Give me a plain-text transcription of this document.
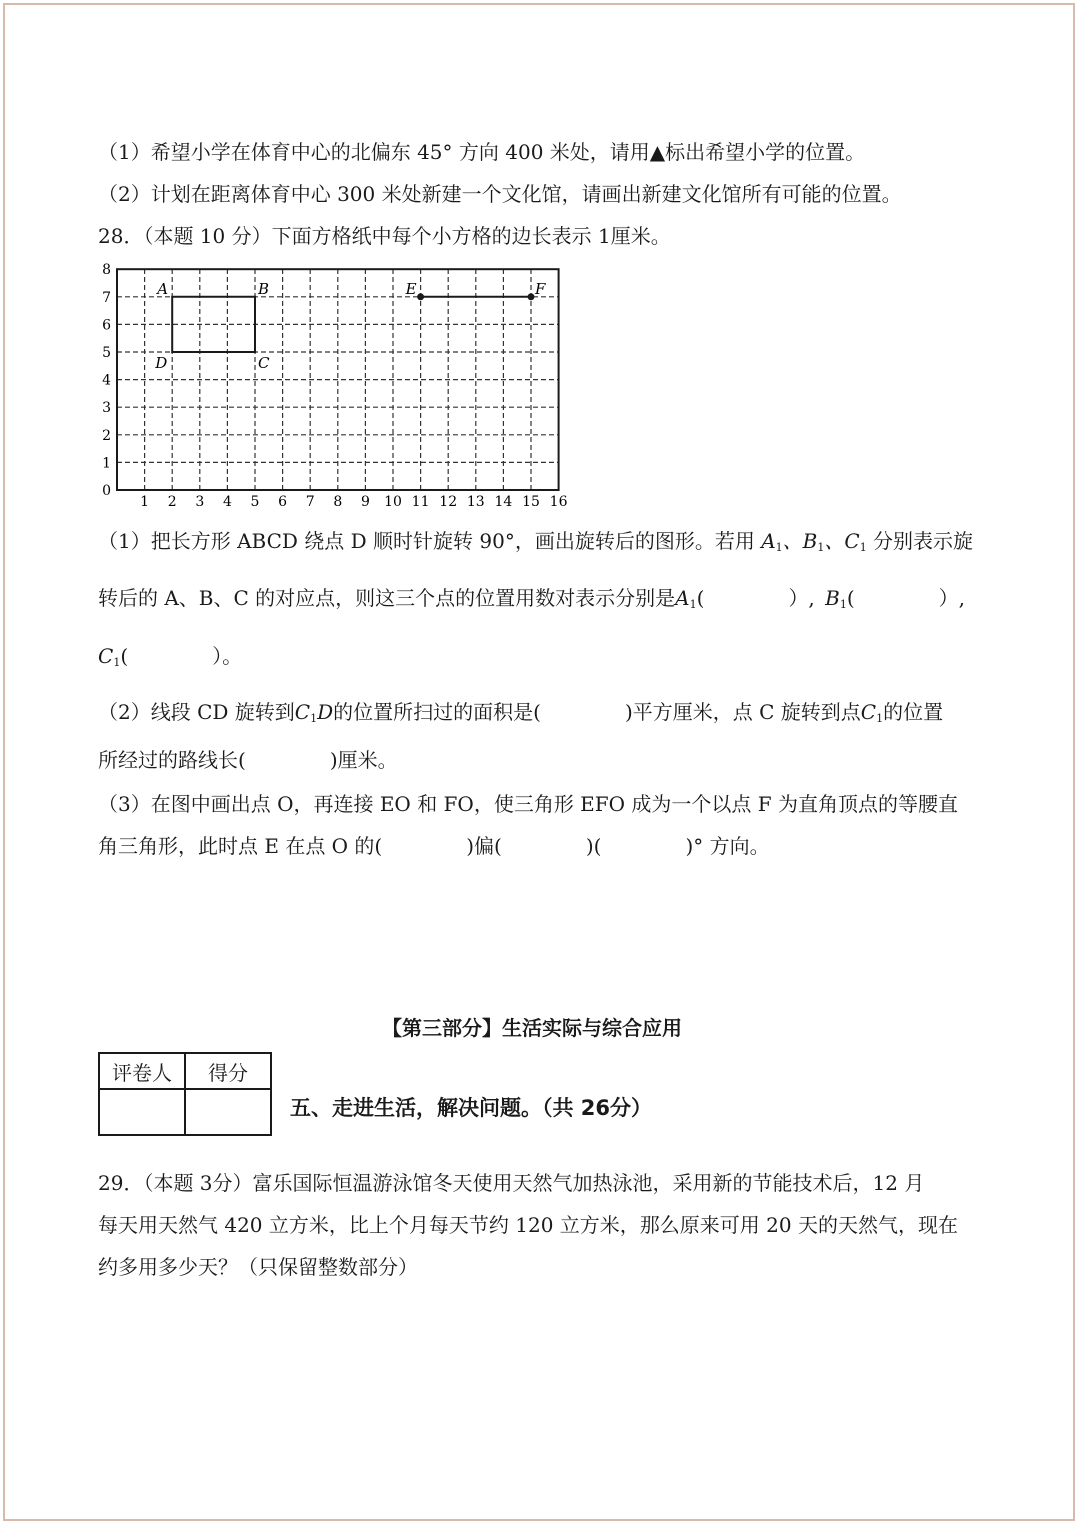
（1）希望小学在体育中心的北偏东 45° 方向 400 米处，请用▲标出希望小学的位置。
（2）计划在距离体育中心 300 米处新建一个文化馆，请画出新建文化馆所有可能的位置。
28．（本题 10 分）下面方格纸中每个小方格的边长表示 1厘米。
1 2 3 4 5 6 7 8 9 10 11 12 13 14 15 16
0
1
2
3
4
5
6
7
8
A	B
C
D
E	F
（1）把长方形 ABCD 绕点 D 顺时针旋转 90°，画出旋转后的图形。若用 $A_1$、$B_1$、$C_1$ 分别表示旋
转后的 A、B、C 的对应点，则这三个点的位置用数对表示分别是$A_1$(	）, $B_1$(	）,
$C_1$(	）。
（2）线段 CD 旋转到$C_1D$的位置所扫过的面积是(	)平方厘米，点 C 旋转到点$C_1$的位置
所经过的路线长(	)厘米。
（3）在图中画出点 O，再连接 EO 和 FO，使三角形 EFO 成为一个以点 F 为直角顶点的等腰直
角三角形，此时点 E 在点 O 的(	)偏(	)(	)° 方向。
【第三部分】生活实际与综合应用
评卷人	得分

五、走进生活，解决问题。（共 26分）
29．（本题 3分）富乐国际恒温游泳馆冬天使用天然气加热泳池，采用新的节能技术后，12 月
每天用天然气 420 立方米，比上个月每天节约 120 立方米，那么原来可用 20 天的天然气，现在
约多用多少天？（只保留整数部分）
